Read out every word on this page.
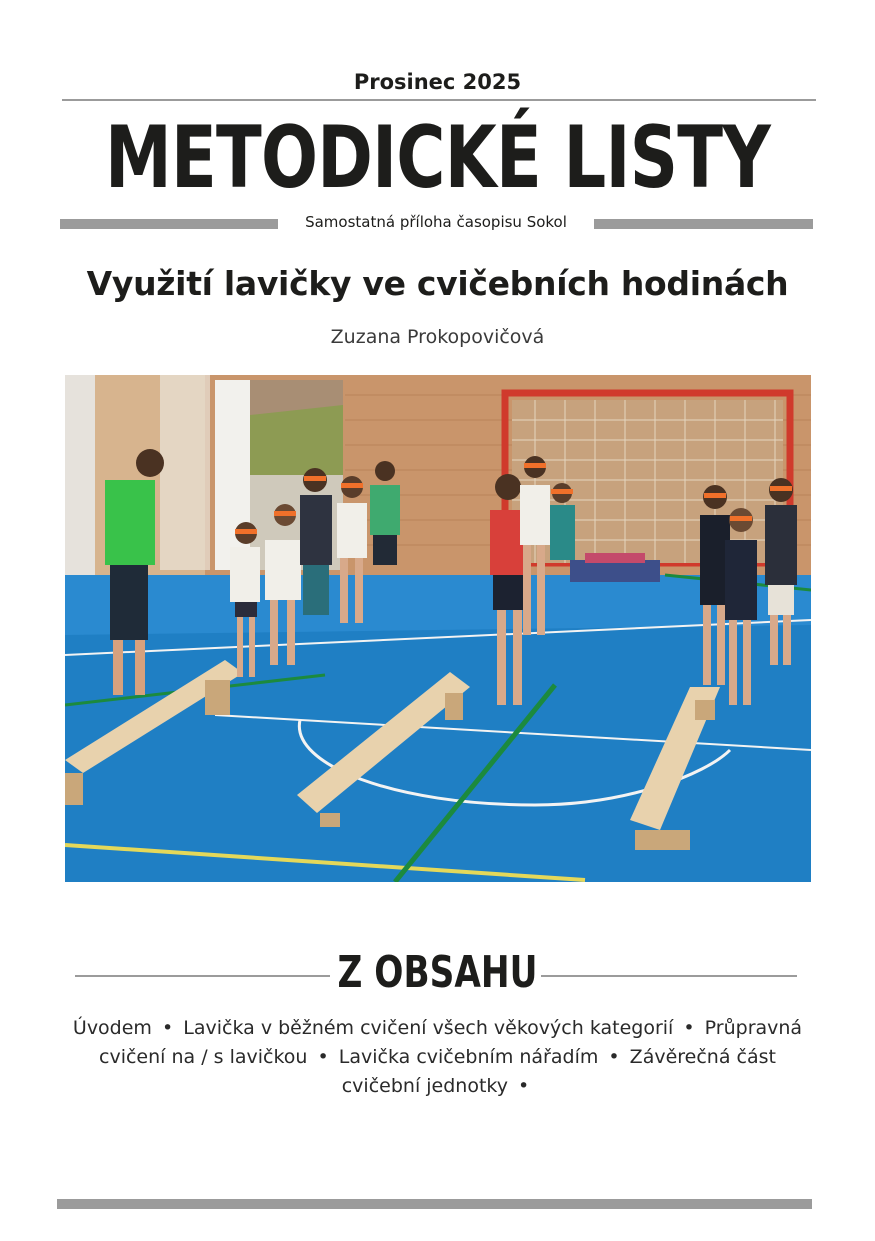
Prosinec 2025
METODICKÉ LISTY
Samostatná příloha časopisu Sokol
Využití lavičky ve cvičebních hodinách
Zuzana Prokopovičová
Z OBSAHU
Úvodem • Lavička v běžném cvičení všech věkových kategorií • Průpravná cvičení na / s lavičkou • Lavička cvičebním nářadím • Závěrečná část cvičební jednotky •
